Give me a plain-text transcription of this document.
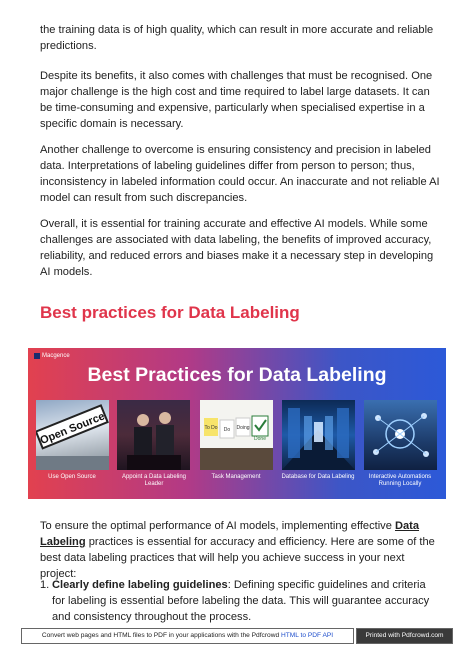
the training data is of high quality, which can result in more accurate and reliable predictions.
Despite its benefits, it also comes with challenges that must be recognised. One major challenge is the high cost and time required to label large datasets. It can be time-consuming and expensive, particularly when specialised expertise in a specific domain is necessary.
Another challenge to overcome is ensuring consistency and precision in labeled data. Interpretations of labeling guidelines differ from person to person; thus, inconsistency in labeled information could occur. An inaccurate and not reliable AI model can result from such discrepancies.
Overall, it is essential for training accurate and effective AI models. While some challenges are associated with data labeling, the benefits of improved accuracy, reliability, and reduced errors and biases make it a necessary step in developing AI models.
Best practices for Data Labeling
Macgence
Best Practices for Data Labeling
Open Source	To Do Do Doing
Done
Use Open Source	Appoint a Data Labeling Leader
Task Management	Database for Data Labeling	Interactive Automations Running Locally
To ensure the optimal performance of AI models, implementing effective Data Labeling practices is essential for accuracy and efficiency. Here are some of the best data labeling practices that will help you achieve success in your next project:
1. Clearly define labeling guidelines: Defining specific guidelines and criteria for labeling is essential before labeling the data. This will guarantee accuracy and consistency throughout the process.
Convert web pages and HTML files to PDF in your applications with the Pdfcrowd HTML to PDF API	Printed with Pdfcrowd.com
